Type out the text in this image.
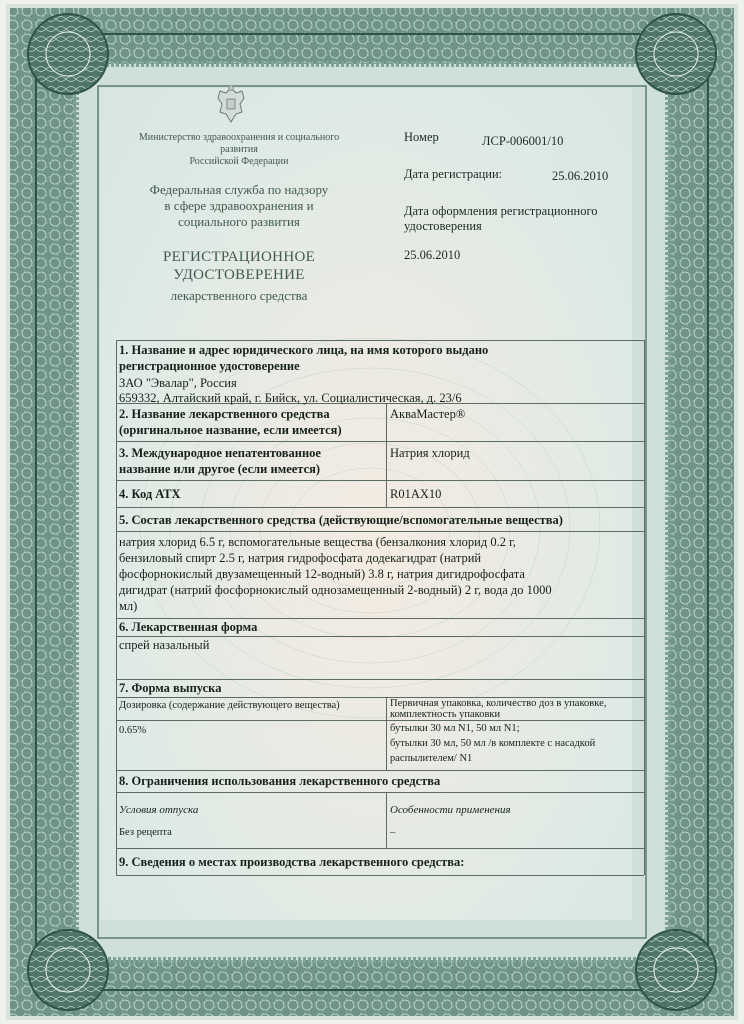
Министерство здравоохранения и социального
развития
Российской Федерации
Федеральная служба по надзору
в сфере здравоохранения и
социального развития
РЕГИСТРАЦИОННОЕ
УДОСТОВЕРЕНИЕ
лекарственного средства
Номер	ЛСР-006001/10
Дата регистрации:	25.06.2010
Дата оформления регистрационного
удостоверения
25.06.2010
1. Название и адрес юридического лица, на имя которого выдано
регистрационное удостоверение
ЗАО "Эвалар", Россия
659332, Алтайский край, г. Бийск, ул. Социалистическая, д. 23/6
2. Название лекарственного средства
(оригинальное название, если имеется)
АкваМастер®
3. Международное непатентованное
название или другое (если имеется)
Натрия хлорид
4. Код АТХ	R01AX10
5. Состав лекарственного средства (действующие/вспомогательные вещества)
натрия хлорид 6.5 г, вспомогательные вещества (бензалкония хлорид 0.2 г,
бензиловый спирт 2.5 г, натрия гидрофосфата додекагидрат (натрий
фосфорнокислый двузамещенный 12-водный) 3.8 г, натрия дигидрофосфата
дигидрат (натрий фосфорнокислый однозамещенный 2-водный) 2 г, вода до 1000
мл)
6. Лекарственная форма
спрей назальный
7. Форма выпуска
Дозировка (содержание действующего вещества)	Первичная упаковка, количество доз в упаковке,
комплектность упаковки
0.65%	бутылки 30 мл N1, 50 мл N1;
бутылки 30 мл, 50 мл /в комплекте с насадкой
распылителем/ N1
8. Ограничения использования лекарственного средства
Условия отпуска	Особенности применения
Без рецепта	–
9. Сведения о местах производства лекарственного средства:
